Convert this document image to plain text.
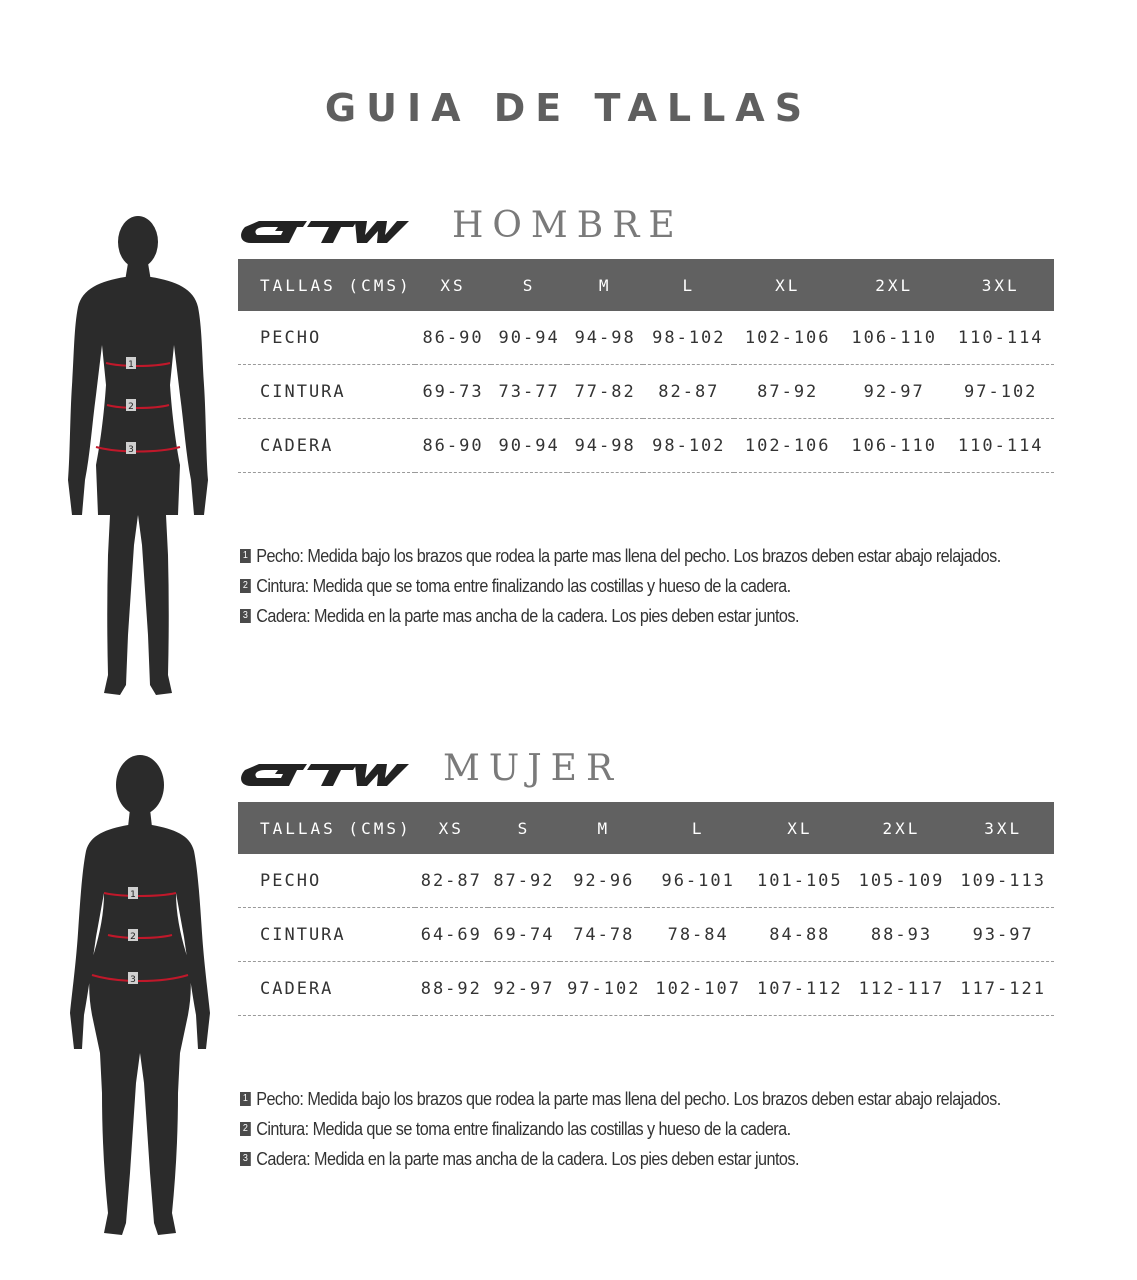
GUIA DE TALLAS
1
2
3
HOMBRE
TALLAS (CMS)	XS	S	M	L	XL	2XL	3XL
PECHO	86-90	90-94	94-98	98-102	102-106	106-110	110-114
CINTURA	69-73	73-77	77-82	82-87	87-92	92-97	97-102
CADERA	86-90	90-94	94-98	98-102	102-106	106-110	110-114
1 Pecho: Medida bajo los brazos que rodea la parte mas llena del pecho. Los brazos deben estar abajo relajados.
2 Cintura: Medida que se toma entre finalizando las costillas y hueso de la cadera.
3 Cadera: Medida en la parte mas ancha de la cadera. Los pies deben estar juntos.
1
2
3
MUJER
TALLAS (CMS)	XS	S	M	L	XL	2XL	3XL
PECHO	82-87	87-92	92-96	96-101	101-105	105-109	109-113
CINTURA	64-69	69-74	74-78	78-84	84-88	88-93	93-97
CADERA	88-92	92-97	97-102	102-107	107-112	112-117	117-121
1 Pecho: Medida bajo los brazos que rodea la parte mas llena del pecho. Los brazos deben estar abajo relajados.
2 Cintura: Medida que se toma entre finalizando las costillas y hueso de la cadera.
3 Cadera: Medida en la parte mas ancha de la cadera. Los pies deben estar juntos.
